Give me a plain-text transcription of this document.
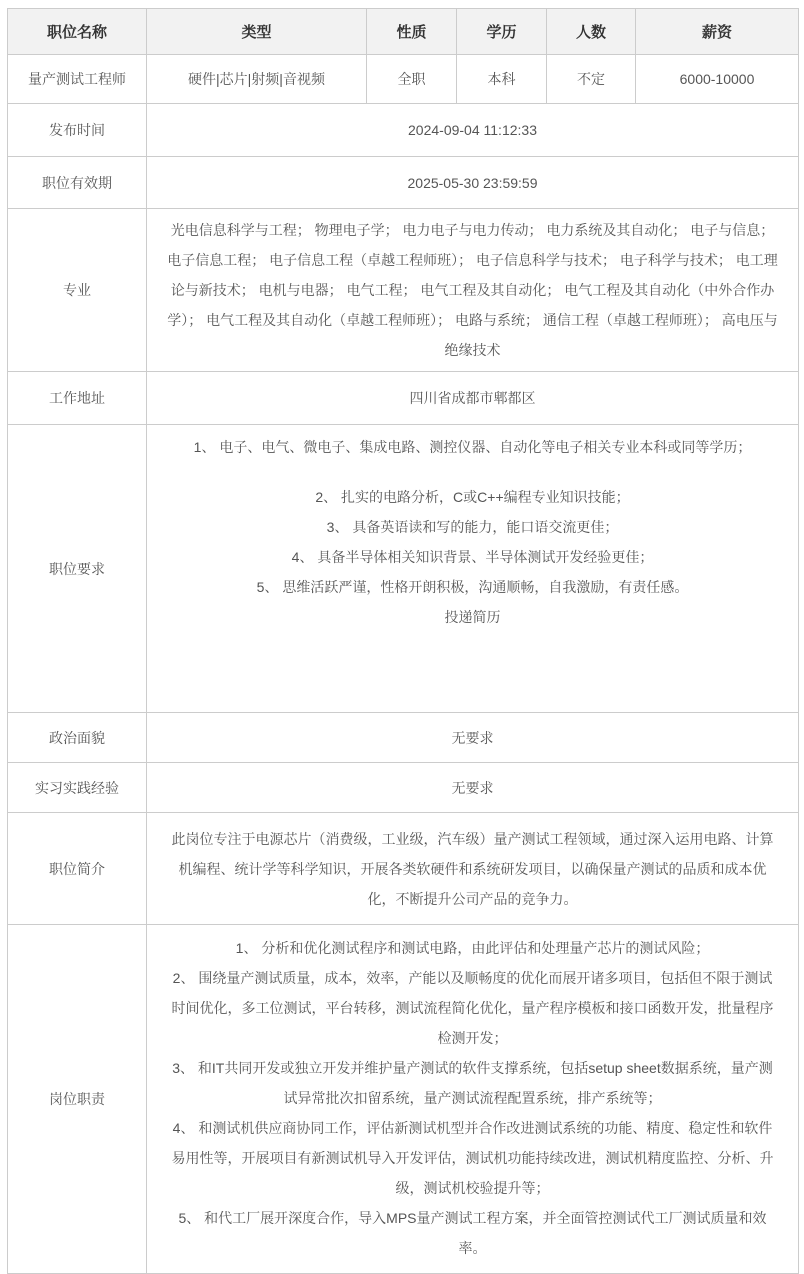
职位名称	类型	性质	学历	人数	薪资
量产测试工程师	硬件|芯片|射频|音视频	全职	本科	不定	6000-10000
发布时间	2024-09-04 11:12:33				
职位有效期	2025-05-30 23:59:59				
专业	光电信息科学与工程； 物理电子学； 电力电子与电力传动； 电力系统及其自动化； 电子与信息； 电子信息工程； 电子信息工程（卓越工程师班）； 电子信息科学与技术； 电子科学与技术； 电工理论与新技术； 电机与电器； 电气工程； 电气工程及其自动化； 电气工程及其自动化（中外合作办学）； 电气工程及其自动化（卓越工程师班）； 电路与系统； 通信工程（卓越工程师班）； 高电压与绝缘技术				
工作地址	四川省成都市郫都区				
职位要求	

1、 电子、电气、微电子、集成电路、测控仪器、自动化等电子相关专业本科或同等学历；

2、 扎实的电路分析，C或C++编程专业知识技能；

3、 具备英语读和写的能力，能口语交流更佳；

4、 具备半导体相关知识背景、半导体测试开发经验更佳；

5、 思维活跃严谨，性格开朗积极，沟通顺畅，自我激励，有责任感。

投递简历

政治面貌	无要求				
实习实践经验	无要求				
职位简介	此岗位专注于电源芯片（消费级，工业级，汽车级）量产测试工程领域，通过深入运用电路、计算机编程、统计学等科学知识，开展各类软硬件和系统研发项目，以确保量产测试的品质和成本优化，不断提升公司产品的竞争力。				
岗位职责	1、 分析和优化测试程序和测试电路，由此评估和处理量产芯片的测试风险；

2、 围绕量产测试质量，成本，效率，产能以及顺畅度的优化而展开诸多项目，包括但不限于测试时间优化，多工位测试，平台转移，测试流程简化优化，量产程序模板和接口函数开发，批量程序检测开发；

3、 和IT共同开发或独立开发并维护量产测试的软件支撑系统，包括setup sheet数据系统，量产测试异常批次扣留系统，量产测试流程配置系统，排产系统等；

4、 和测试机供应商协同工作，评估新测试机型并合作改进测试系统的功能、精度、稳定性和软件易用性等，开展项目有新测试机导入开发评估，测试机功能持续改进，测试机精度监控、分析、升级，测试机校验提升等；

5、 和代工厂展开深度合作，导入MPS量产测试工程方案，并全面管控测试代工厂测试质量和效率。				
